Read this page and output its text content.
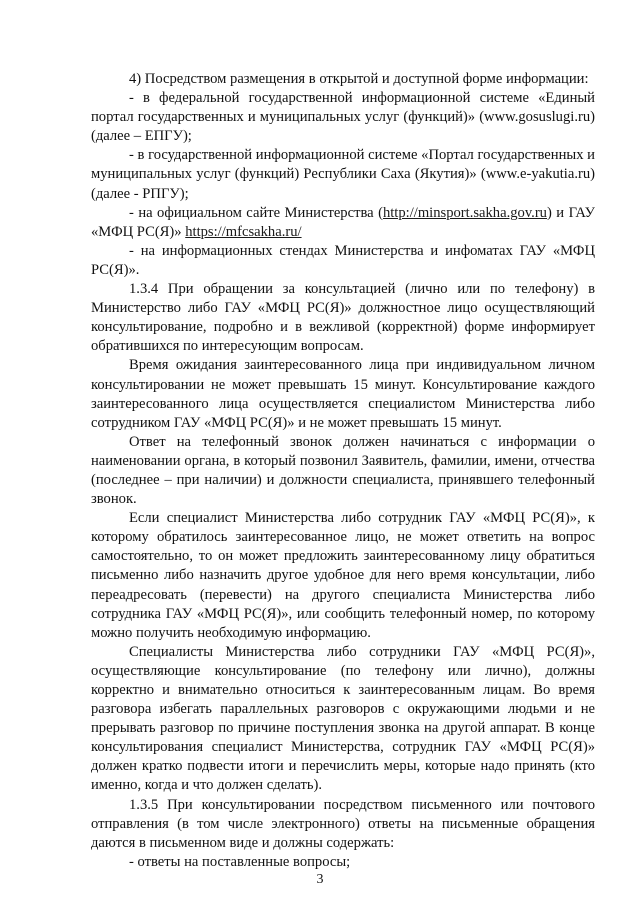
4) Посредством размещения в открытой и доступной форме информации:

- в федеральной государственной информационной системе «Единый портал государственных и муниципальных услуг (функций)» (www.gosuslugi.ru) (далее – ЕПГУ);

- в государственной информационной системе «Портал государственных и муниципальных услуг (функций) Республики Саха (Якутия)» (www.e-yakutia.ru) (далее - РПГУ);

- на официальном сайте Министерства (http://minsport.sakha.gov.ru) и ГАУ «МФЦ РС(Я)» https://mfcsakha.ru/

- на информационных стендах Министерства и инфоматах ГАУ «МФЦ РС(Я)».

1.3.4 При обращении за консультацией (лично или по телефону) в Министерство либо ГАУ «МФЦ РС(Я)» должностное лицо осуществляющий консультирование, подробно и в вежливой (корректной) форме информирует обратившихся по интересующим вопросам.

Время ожидания заинтересованного лица при индивидуальном личном консультировании не может превышать 15 минут. Консультирование каждого заинтересованного лица осуществляется специалистом Министерства либо сотрудником ГАУ «МФЦ РС(Я)» и не может превышать 15 минут.

Ответ на телефонный звонок должен начинаться с информации о наименовании органа, в который позвонил Заявитель, фамилии, имени, отчества (последнее – при наличии) и должности специалиста, принявшего телефонный звонок.

Если специалист Министерства либо сотрудник ГАУ «МФЦ РС(Я)», к которому обратилось заинтересованное лицо, не может ответить на вопрос самостоятельно, то он может предложить заинтересованному лицу обратиться письменно либо назначить другое удобное для него время консультации, либо переадресовать (перевести) на другого специалиста Министерства либо сотрудника ГАУ «МФЦ РС(Я)», или сообщить телефонный номер, по которому можно получить необходимую информацию.

Специалисты Министерства либо сотрудники ГАУ «МФЦ РС(Я)», осуществляющие консультирование (по телефону или лично), должны корректно и внимательно относиться к заинтересованным лицам. Во время разговора избегать параллельных разговоров с окружающими людьми и не прерывать разговор по причине поступления звонка на другой аппарат. В конце консультирования специалист Министерства, сотрудник ГАУ «МФЦ РС(Я)» должен кратко подвести итоги и перечислить меры, которые надо принять (кто именно, когда и что должен сделать).

1.3.5 При консультировании посредством письменного или почтового отправления (в том числе электронного) ответы на письменные обращения даются в письменном виде и должны содержать:

- ответы на поставленные вопросы;

3
